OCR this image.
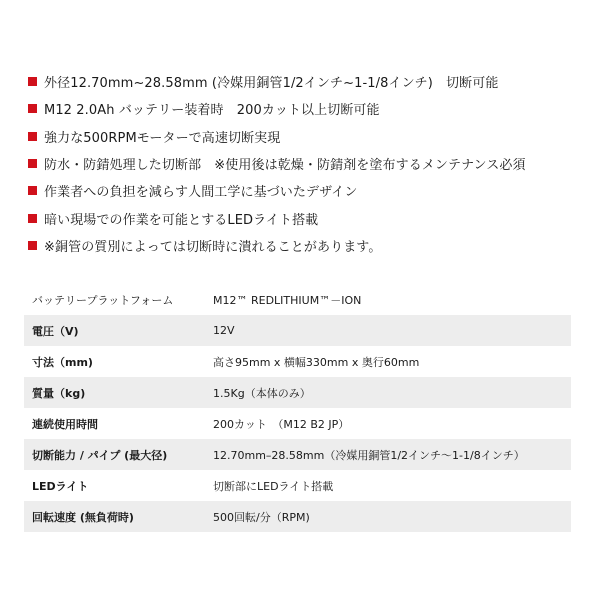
外径12.70mm~28.58mm (冷媒用銅管1/2インチ~1-1/8インチ)　切断可能
M12 2.0Ah バッテリー装着時　200カット以上切断可能
強力な500RPMモーターで高速切断実現
防水・防錆処理した切断部　※使用後は乾燥・防錆剤を塗布するメンテナンス必須
作業者への負担を減らす人間工学に基づいたデザイン
暗い現場での作業を可能とするLEDライト搭載
※銅管の質別によっては切断時に潰れることがあります。
バッテリープラットフォーム	M12™ REDLITHIUM™－ION
電圧（V)	12V
寸法（mm)	高さ95mm x 横幅330mm x 奥行60mm
質量（kg)	1.5Kg（本体のみ）
連続使用時間	200カット　（M12 B2 JP）
切断能力 / パイプ (最大径)	12.70mm–28.58mm（冷媒用銅管1/2インチ〜1-1/8インチ）
LEDライト	切断部にLEDライト搭載
回転速度 (無負荷時)	500回転/分（RPM)
